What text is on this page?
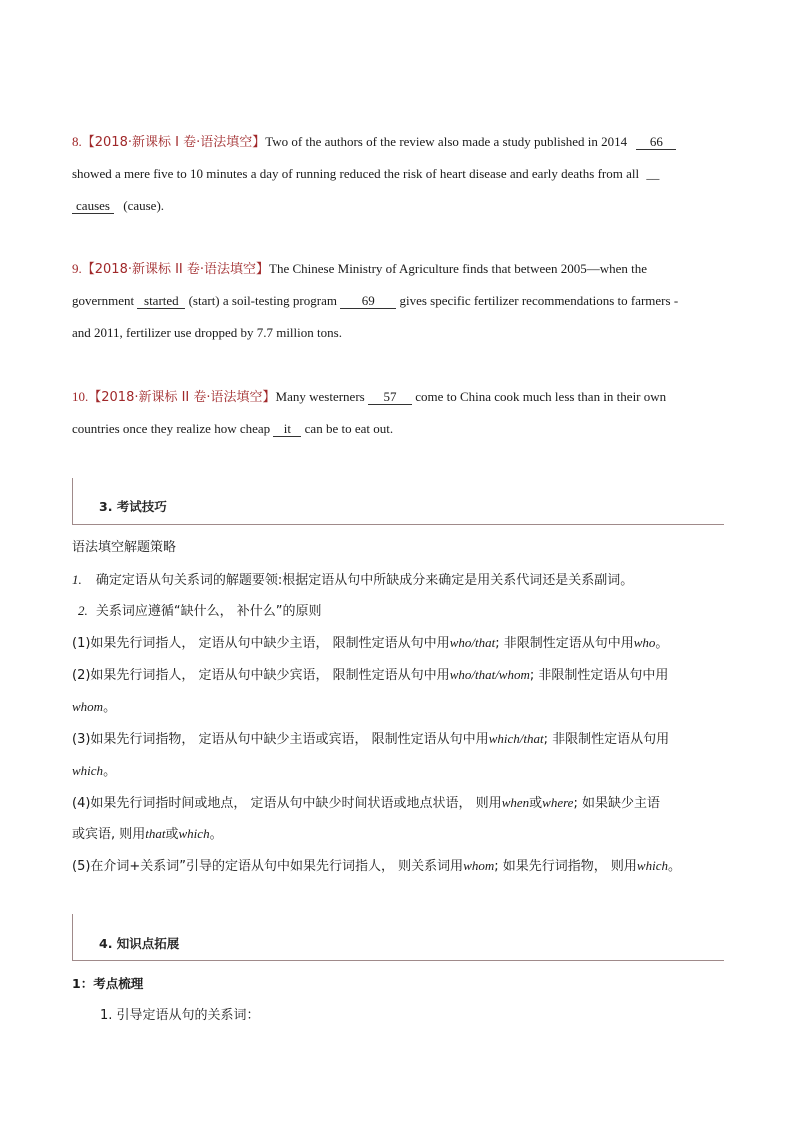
8.【2018·新课标 I 卷·语法填空】Two of the authors of the review also made a study published in 2014 66
showed a mere five to 10 minutes a day of running reduced the risk of heart disease and early deaths from all __
causes (cause).
9.【2018·新课标 II 卷·语法填空】The Chinese Ministry of Agriculture finds that between 2005—when the
government started (start) a soil-testing program 69 gives specific fertilizer recommendations to farmers -
and 2011, fertilizer use dropped by 7.7 million tons.
10.【2018·新课标 II 卷·语法填空】Many westerners 57 come to China cook much less than in their own
countries once they realize how cheap it can be to eat out.
3. 考试技巧
语法填空解题策略
1. 确定定语从句关系词的解题要领:根据定语从句中所缺成分来确定是用关系代词还是关系副词。
2. 关系词应遵循“缺什么， 补什么”的原则
(1)如果先行词指人， 定语从句中缺少主语， 限制性定语从句中用who/that; 非限制性定语从句中用who。
(2)如果先行词指人， 定语从句中缺少宾语， 限制性定语从句中用who/that/whom; 非限制性定语从句中用
whom。
(3)如果先行词指物， 定语从句中缺少主语或宾语， 限制性定语从句中用which/that; 非限制性定语从句用
which。
(4)如果先行词指时间或地点， 定语从句中缺少时间状语或地点状语， 则用when或where; 如果缺少主语
或宾语, 则用that或which。
(5)在介词+关系词”引导的定语从句中如果先行词指人， 则关系词用whom; 如果先行词指物， 则用which。
4. 知识点拓展
1：考点梳理
1. 引导定语从句的关系词：
